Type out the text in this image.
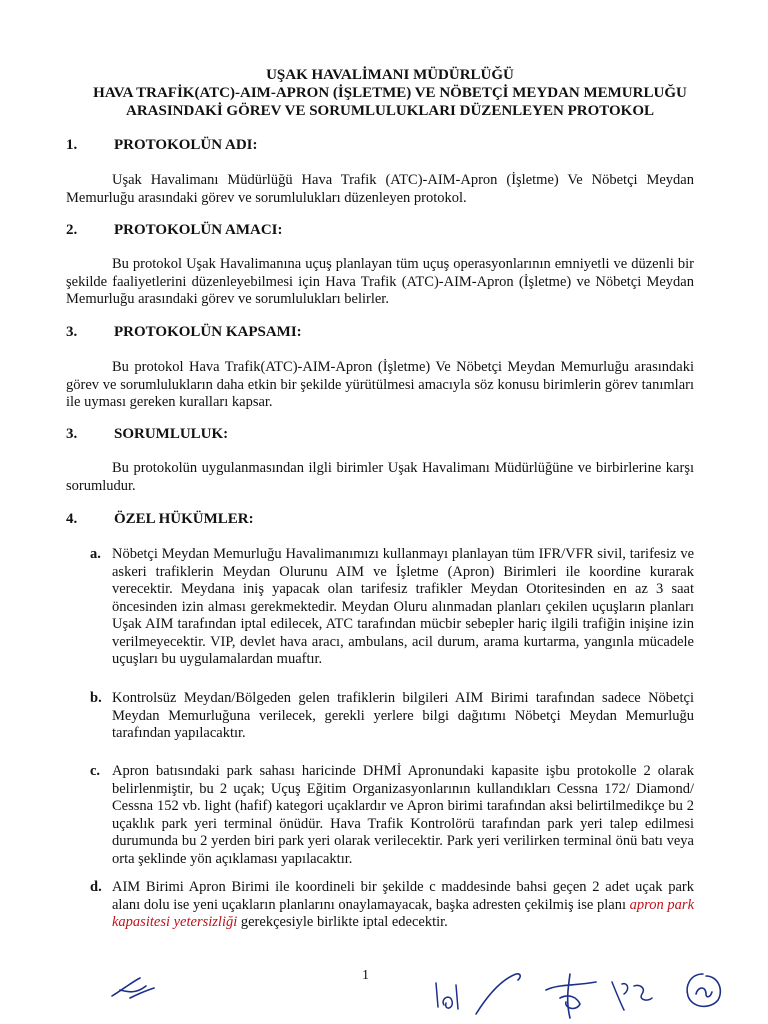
UŞAK HAVALİMANI MÜDÜRLÜĞÜ
HAVA TRAFİK(ATC)-AIM-APRON (İŞLETME) VE NÖBETÇİ MEYDAN MEMURLUĞU
ARASINDAKİ GÖREV VE SORUMLULUKLARI DÜZENLEYEN PROTOKOL
1. PROTOKOLÜN ADI:
Uşak Havalimanı Müdürlüğü Hava Trafik (ATC)-AIM-Apron (İşletme) Ve Nöbetçi Meydan Memurluğu arasındaki görev ve sorumlulukları düzenleyen protokol.
2. PROTOKOLÜN AMACI:
Bu protokol Uşak Havalimanına uçuş planlayan tüm uçuş operasyonlarının emniyetli ve düzenli bir şekilde faaliyetlerini düzenleyebilmesi için Hava Trafik (ATC)-AIM-Apron (İşletme) ve Nöbetçi Meydan Memurluğu arasındaki görev ve sorumlulukları belirler.
3. PROTOKOLÜN KAPSAMI:
Bu protokol Hava Trafik(ATC)-AIM-Apron (İşletme) Ve Nöbetçi Meydan Memurluğu arasındaki görev ve sorumlulukların daha etkin bir şekilde yürütülmesi amacıyla söz konusu birimlerin görev tanımları ile uyması gereken kuralları kapsar.
3. SORUMLULUK:
Bu protokolün uygulanmasından ilgli birimler Uşak Havalimanı Müdürlüğüne ve birbirlerine karşı sorumludur.
4. ÖZEL HÜKÜMLER:
a. Nöbetçi Meydan Memurluğu Havalimanımızı kullanmayı planlayan tüm IFR/VFR sivil, tarifesiz ve askeri trafiklerin Meydan Olurunu AIM ve İşletme (Apron) Birimleri ile koordine kurarak verecektir. Meydana iniş yapacak olan tarifesiz trafikler Meydan Otoritesinden en az 3 saat öncesinden izin alması gerekmektedir. Meydan Oluru alınmadan planları çekilen uçuşların planları Uşak AIM tarafından iptal edilecek, ATC tarafından mücbir sebepler hariç ilgili trafiğin inişine izin verilmeyecektir. VIP, devlet hava aracı, ambulans, acil durum, arama kurtarma, yangınla mücadele uçuşları bu uygulamalardan muaftır.
b. Kontrolsüz Meydan/Bölgeden gelen trafiklerin bilgileri AIM Birimi tarafından sadece Nöbetçi Meydan Memurluğuna verilecek, gerekli yerlere bilgi dağıtımı Nöbetçi Meydan Memurluğu tarafından yapılacaktır.
c. Apron batısındaki park sahası haricinde DHMİ Apronundaki kapasite işbu protokolle 2 olarak belirlenmiştir, bu 2 uçak; Uçuş Eğitim Organizasyonlarının kullandıkları Cessna 172/ Diamond/ Cessna 152 vb. light (hafif) kategori uçaklardır ve Apron birimi tarafından aksi belirtilmedikçe bu 2 uçaklık park yeri terminal önüdür. Hava Trafik Kontrolörü tarafından park yeri talep edilmesi durumunda bu 2 yerden biri park yeri olarak verilecektir. Park yeri verilirken terminal önü batı veya orta şeklinde yön açıklaması yapılacaktır.
d. AIM Birimi Apron Birimi ile koordineli bir şekilde c maddesinde bahsi geçen 2 adet uçak park alanı dolu ise yeni uçakların planlarını onaylamayacak, başka adresten çekilmiş ise planı apron park kapasitesi yetersizliği gerekçesiyle birlikte iptal edecektir.
1
